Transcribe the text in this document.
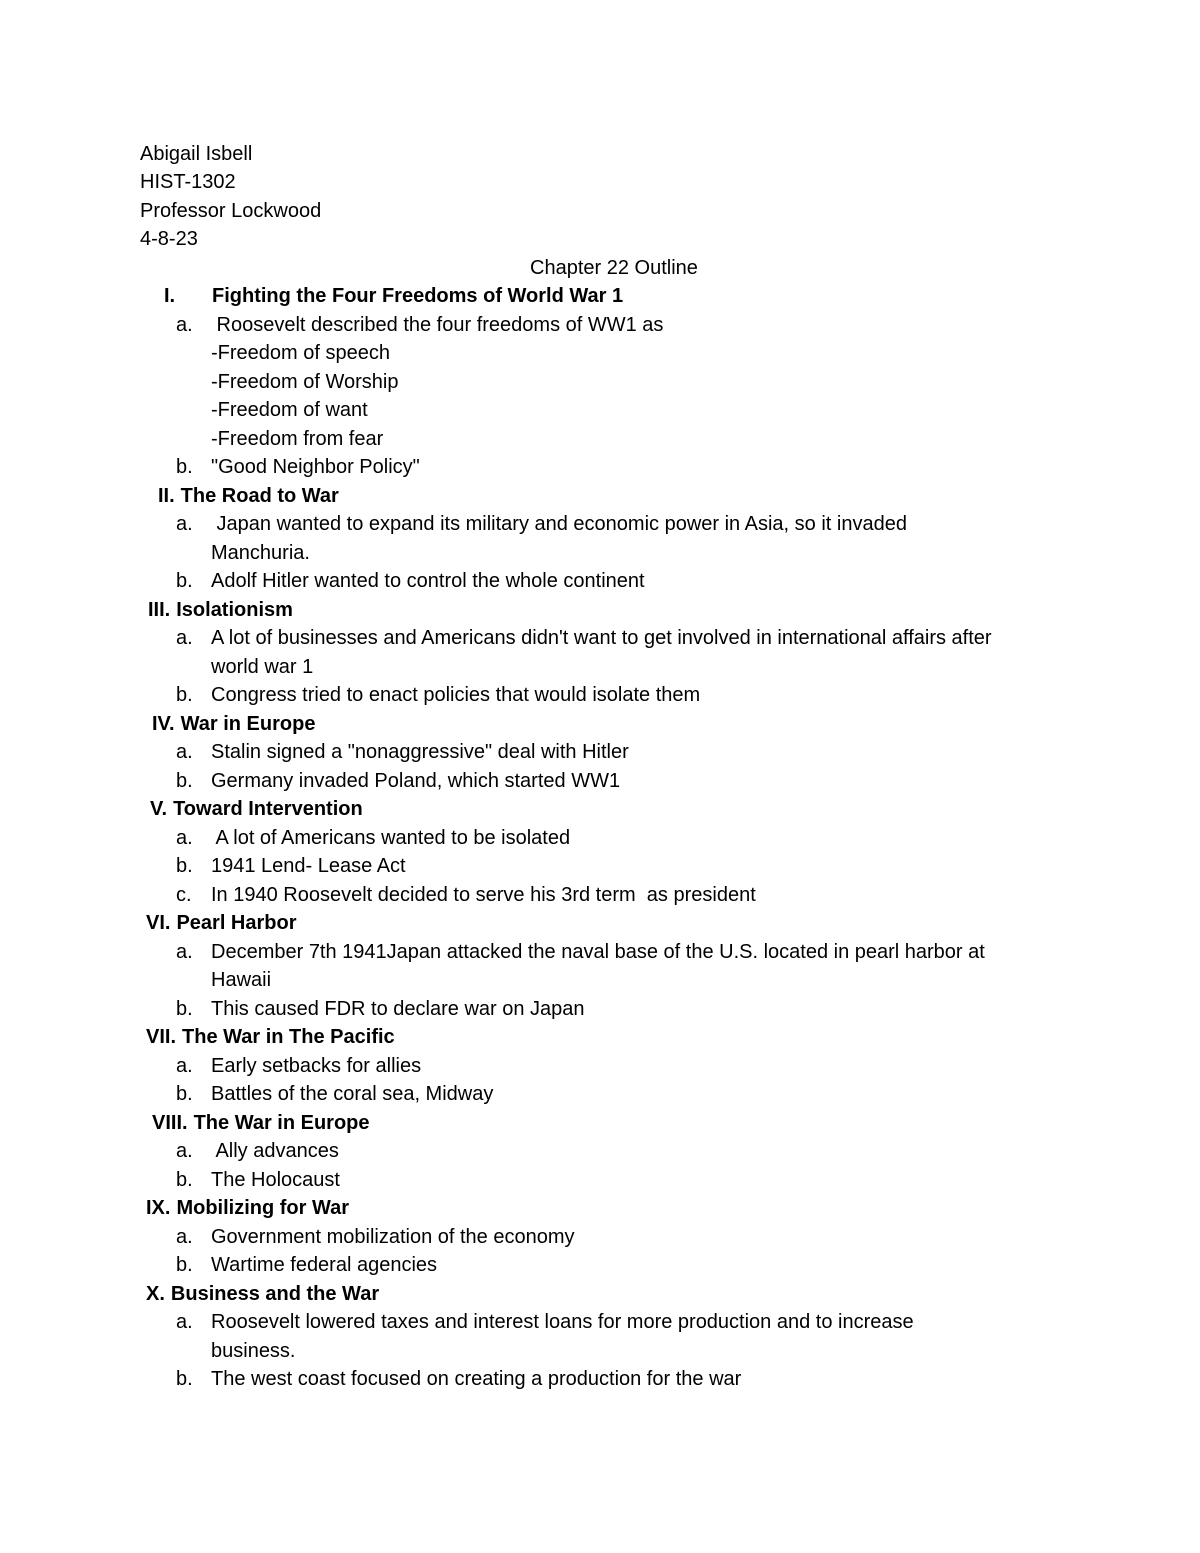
Abigail Isbell
HIST-1302
Professor Lockwood
4-8-23
Chapter 22 Outline
I. Fighting the Four Freedoms of World War 1
a. Roosevelt described the four freedoms of WW1 as
-Freedom of speech
-Freedom of Worship
-Freedom of want
-Freedom from fear
b. "Good Neighbor Policy"
II. The Road to War
a. Japan wanted to expand its military and economic power in Asia, so it invaded
Manchuria.
b. Adolf Hitler wanted to control the whole continent
III. Isolationism
a. A lot of businesses and Americans didn't want to get involved in international affairs after
world war 1
b. Congress tried to enact policies that would isolate them
IV. War in Europe
a. Stalin signed a "nonaggressive" deal with Hitler
b. Germany invaded Poland, which started WW1
V. Toward Intervention
a. A lot of Americans wanted to be isolated
b. 1941 Lend- Lease Act
c. In 1940 Roosevelt decided to serve his 3rd term  as president
VI. Pearl Harbor
a. December 7th 1941Japan attacked the naval base of the U.S. located in pearl harbor at
Hawaii
b. This caused FDR to declare war on Japan
VII. The War in The Pacific
a. Early setbacks for allies
b. Battles of the coral sea, Midway
VIII. The War in Europe
a. Ally advances
b. The Holocaust
IX. Mobilizing for War
a. Government mobilization of the economy
b. Wartime federal agencies
X. Business and the War
a. Roosevelt lowered taxes and interest loans for more production and to increase
business.
b. The west coast focused on creating a production for the war
